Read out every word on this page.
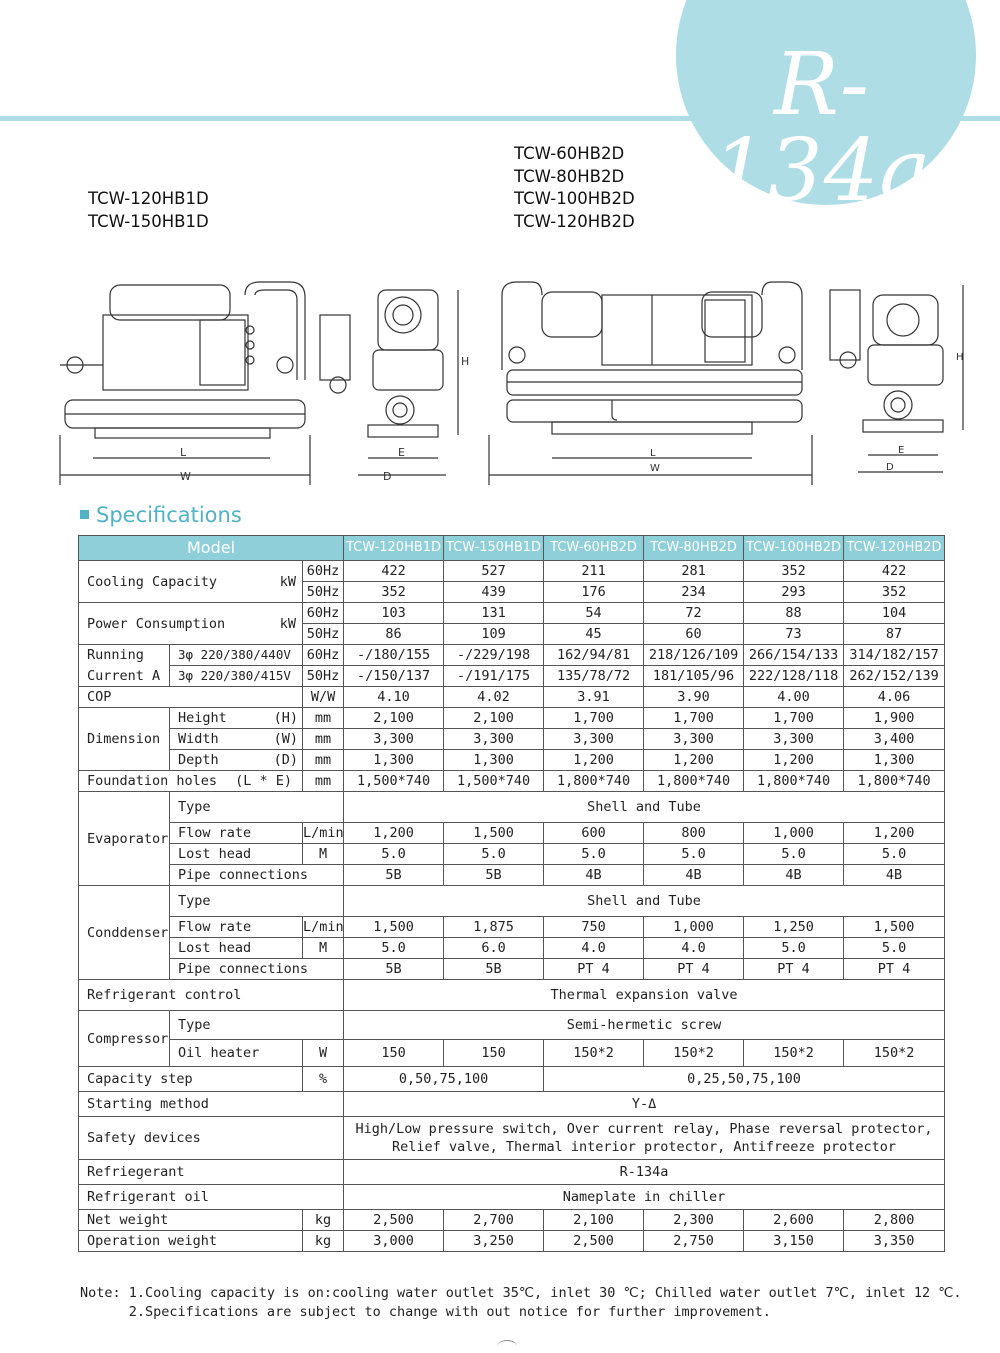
R-134a
TCW-120HB1D
TCW-150HB1D
TCW-60HB2D
TCW-80HB2D
TCW-100HB2D
TCW-120HB2D
L
W
H
E
D
L
W
H
E
D
Specifications
Model			TCW-120HB1D	TCW-150HB1D	TCW-60HB2D	TCW-80HB2D	TCW-100HB2D	TCW-120HB2D
Cooling Capacity kW		60Hz	422	527	211	281	352	422
		50Hz	352	439	176	234	293	352
Power Consumption kW		60Hz	103	131	54	72	88	104
		50Hz	86	109	45	60	73	87
Running	3φ 220/380/440V	60Hz	-/180/155	-/229/198	162/94/81	218/126/109	266/154/133	314/182/157
Current A	3φ 220/380/415V	50Hz	-/150/137	-/191/175	135/78/72	181/105/96	222/128/118	262/152/139
COP		W/W	4.10	4.02	3.91	3.90	4.00	4.06
Dimension	Height (H)	mm	2,100	2,100	1,700	1,700	1,700	1,900
	Width (W)	mm	3,300	3,300	3,300	3,300	3,300	3,400
	Depth (D)	mm	1,300	1,300	1,200	1,200	1,200	1,300
Foundation holes (L * E)		mm	1,500*740	1,500*740	1,800*740	1,800*740	1,800*740	1,800*740
Evaporator	Type		Shell and Tube					
	Flow rate	L/min	1,200	1,500	600	800	1,000	1,200
	Lost head	M	5.0	5.0	5.0	5.0	5.0	5.0
	Pipe connections		5B	5B	4B	4B	4B	4B
Conddenser	Type		Shell and Tube					
	Flow rate	L/min	1,500	1,875	750	1,000	1,250	1,500
	Lost head	M	5.0	6.0	4.0	4.0	5.0	5.0
	Pipe connections		5B	5B	PT 4	PT 4	PT 4	PT 4
Refrigerant control			Thermal expansion valve					
Compressor	Type		Semi-hermetic screw					
	Oil heater	W	150	150	150*2	150*2	150*2	150*2
Capacity step		%	0,50,75,100		0,25,50,75,100			
Starting method			Y-Δ					
Safety devices			High/Low pressure switch, Over current relay, Phase reversal protector,
Relief valve, Thermal interior protector, Antifreeze protector					

Refriegerant			R-134a					
Refrigerant oil			Nameplate in chiller					
Net weight		kg	2,500	2,700	2,100	2,300	2,600	2,800
Operation weight		kg	3,000	3,250	2,500	2,750	3,150	3,350
Note: 1.Cooling capacity is on:cooling water outlet 35℃, inlet 30 ℃; Chilled water outlet 7℃, inlet 12 ℃.
2.Specifications are subject to change with out notice for further improvement.
